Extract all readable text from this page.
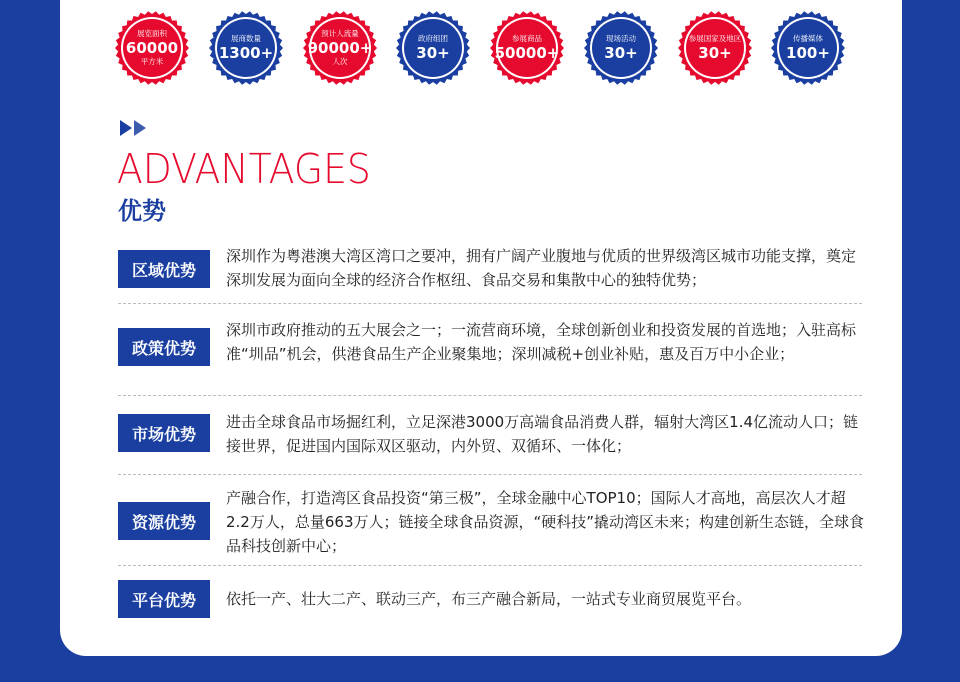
展览面积
60000
平方米
展商数量
1300+
预计人流量
90000+
人次
政府组团
30+
参展商品
50000+
现场活动
30+
参展国家及地区
30+
传播媒体
100+
ADVANTAGES
优势
区域优势
深圳作为粤港澳大湾区湾口之要冲，拥有广阔产业腹地与优质的世界级湾区城市功能支撑，奠定深圳发展为面向全球的经济合作枢纽、食品交易和集散中心的独特优势；
政策优势
深圳市政府推动的五大展会之一；一流营商环境，全球创新创业和投资发展的首选地；入驻高标准“圳品”机会，供港食品生产企业聚集地；深圳减税+创业补贴，惠及百万中小企业；
市场优势
进击全球食品市场掘红利，立足深港3000万高端食品消费人群，辐射大湾区1.4亿流动人口；链接世界，促进国内国际双区驱动，内外贸、双循环、一体化；
资源优势
产融合作，打造湾区食品投资“第三极”，全球金融中心TOP10；国际人才高地，高层次人才超2.2万人，总量663万人；链接全球食品资源，“硬科技”撬动湾区未来；构建创新生态链，全球食品科技创新中心；
平台优势	依托一产、壮大二产、联动三产，布三产融合新局，一站式专业商贸展览平台。
